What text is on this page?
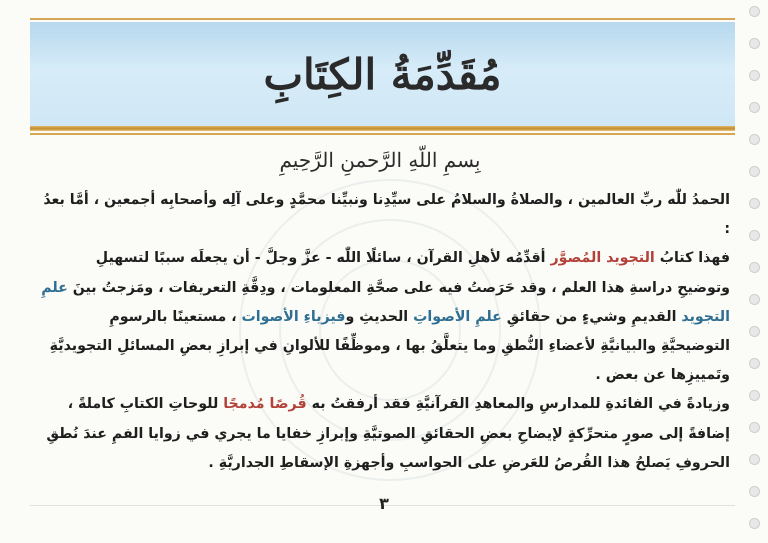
مُقَدِّمَةُ الكِتَابِ
بِسمِ اللّهِ الرَّحمنِ الرَّحِيمِ

الحمدُ للّٰه ربِّ العالمين ، والصلاةُ والسلامُ على سيِّدِنا ونبيِّنا محمَّدٍ وعلى آلِه وأصحابِه أجمعين ، أمَّا بعدُ :

فهذا كتابُ التجويد المُصوَّر أقدِّمُه لأهلِ القرآن ، سائلًا اللّٰه - عزَّ وجلَّ - أن يجعلَه سببًا لتسهيلِ وتوضيحِ دراسةِ هذا العلم ، وقد حَرَصتُ فيه على صحَّةِ المعلومات ، ودِقَّةِ التعريفات ، ومَزجتُ بينَ علمِ التجويد القديمِ وشيءٍ من حقائقِ علمِ الأصواتِ الحديثِ وفيزياءِ الأصوات ، مستعينًا بالرسومِ التوضيحيَّةِ والبيانيَّةِ لأعضاءِ النُّطقِ وما يتعلَّقُ بها ، وموظِّفًا للألوانِ في إبرازِ بعضِ المسائلِ التجويديَّةِ وتَمييزِها عن بعض .

وزيادةً في الفائدةِ للمدارسِ والمعاهدِ القرآنيَّةِ فقد أرفقتُ به قُرصًا مُدمجًا للوحاتِ الكتابِ كاملةً ، إضافةً إلى صورٍ متحرِّكةٍ لإيضاحِ بعضِ الحقائقِ الصوتيَّةِ وإبرازِ خفايا ما يجري في زوايا الفمِ عندَ نُطقِ الحروفِ يَصلحُ هذا القُرصُ للعَرضِ على الحواسبِ وأجهزةِ الإسقاطِ الجداريَّةِ .

٣
